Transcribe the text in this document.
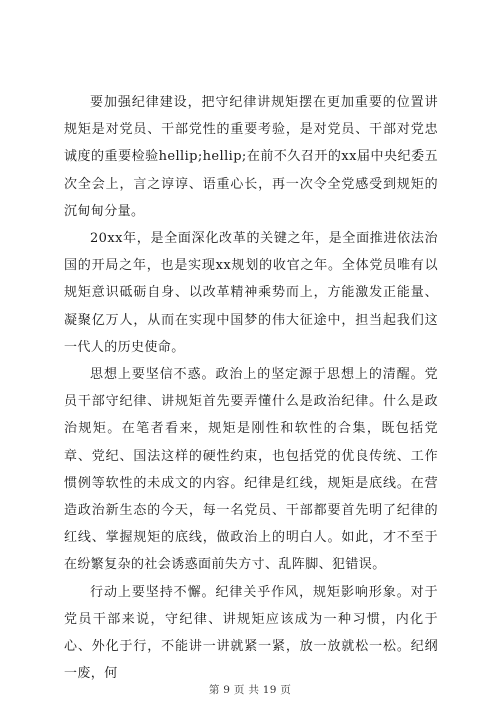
要加强纪律建设，把守纪律讲规矩摆在更加重要的位置讲规矩是对党员、干部党性的重要考验，是对党员、干部对党忠诚度的重要检验hellip;hellip;在前不久召开的xx届中央纪委五次全会上，言之谆谆、语重心长，再一次令全党感受到规矩的沉甸甸分量。

20xx年，是全面深化改革的关键之年，是全面推进依法治国的开局之年，也是实现xx规划的收官之年。全体党员唯有以规矩意识砥砺自身、以改革精神乘势而上，方能激发正能量、凝聚亿万人，从而在实现中国梦的伟大征途中，担当起我们这一代人的历史使命。

思想上要坚信不惑。政治上的坚定源于思想上的清醒。党员干部守纪律、讲规矩首先要弄懂什么是政治纪律。什么是政治规矩。在笔者看来，规矩是刚性和软性的合集，既包括党章、党纪、国法这样的硬性约束，也包括党的优良传统、工作惯例等软性的未成文的内容。纪律是红线，规矩是底线。在营造政治新生态的今天，每一名党员、干部都要首先明了纪律的红线、掌握规矩的底线，做政治上的明白人。如此，才不至于在纷繁复杂的社会诱惑面前失方寸、乱阵脚、犯错误。

行动上要坚持不懈。纪律关乎作风，规矩影响形象。对于党员干部来说，守纪律、讲规矩应该成为一种习惯，内化于心、外化于行，不能讲一讲就紧一紧，放一放就松一松。纪纲一废，何

第 9 页 共 19 页
